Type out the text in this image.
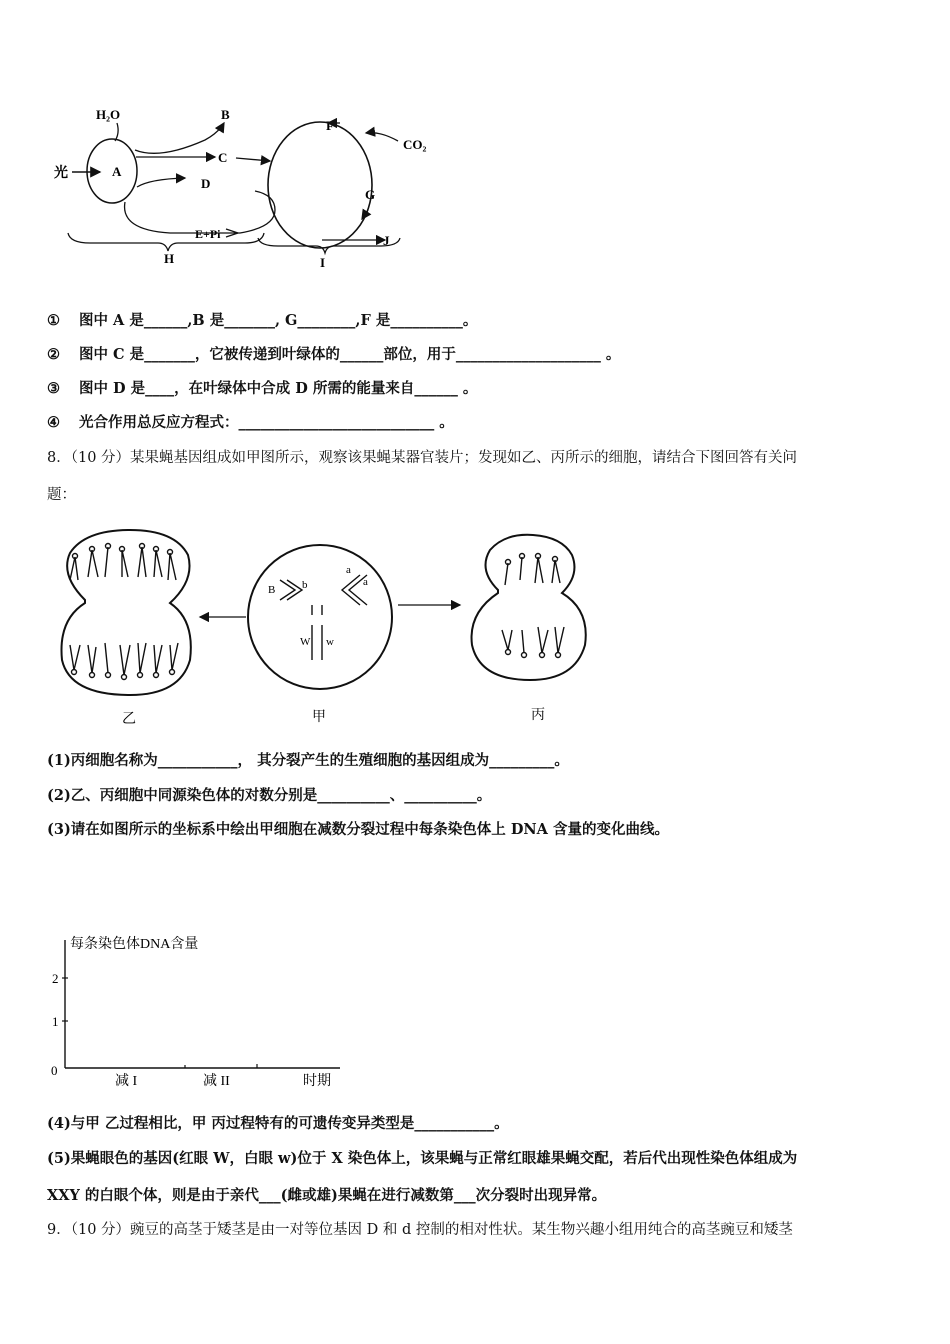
H₂O	B
光	A
C
D
E+Pi
F
CO₂
G
J
H	I
① 图中 A 是______,B 是_______, G________,F 是__________。
② 图中 C 是_______，它被传递到叶绿体的______部位，用于____________________ 。
③ 图中 D 是____，在叶绿体中合成 D 所需的能量来自______ 。
④ 光合作用总反应方程式：___________________________ 。
8．（10 分）某果蝇基因组成如甲图所示，观察该果蝇某器官装片；发现如乙、丙所示的细胞，请结合下图回答有关问
题：
B b
a
a
W w
乙	甲	丙
(1)丙细胞名称为___________， 其分裂产生的生殖细胞的基因组成为_________。
(2)乙、丙细胞中同源染色体的对数分别是__________、__________。
(3)请在如图所示的坐标系中绘出甲细胞在减数分裂过程中每条染色体上 DNA 含量的变化曲线。
每条染色体DNA含量
2
1
0
减 I	减 II	时期
(4)与甲 乙过程相比，甲 丙过程特有的可遗传变异类型是___________。
(5)果蝇眼色的基因(红眼 W，白眼 w)位于 X 染色体上，该果蝇与正常红眼雄果蝇交配，若后代出现性染色体组成为
XXY 的白眼个体，则是由于亲代___(雌或雄)果蝇在进行减数第___次分裂时出现异常。
9．（10 分）豌豆的高茎于矮茎是由一对等位基因 D 和 d 控制的相对性状。某生物兴趣小组用纯合的高茎豌豆和矮茎
